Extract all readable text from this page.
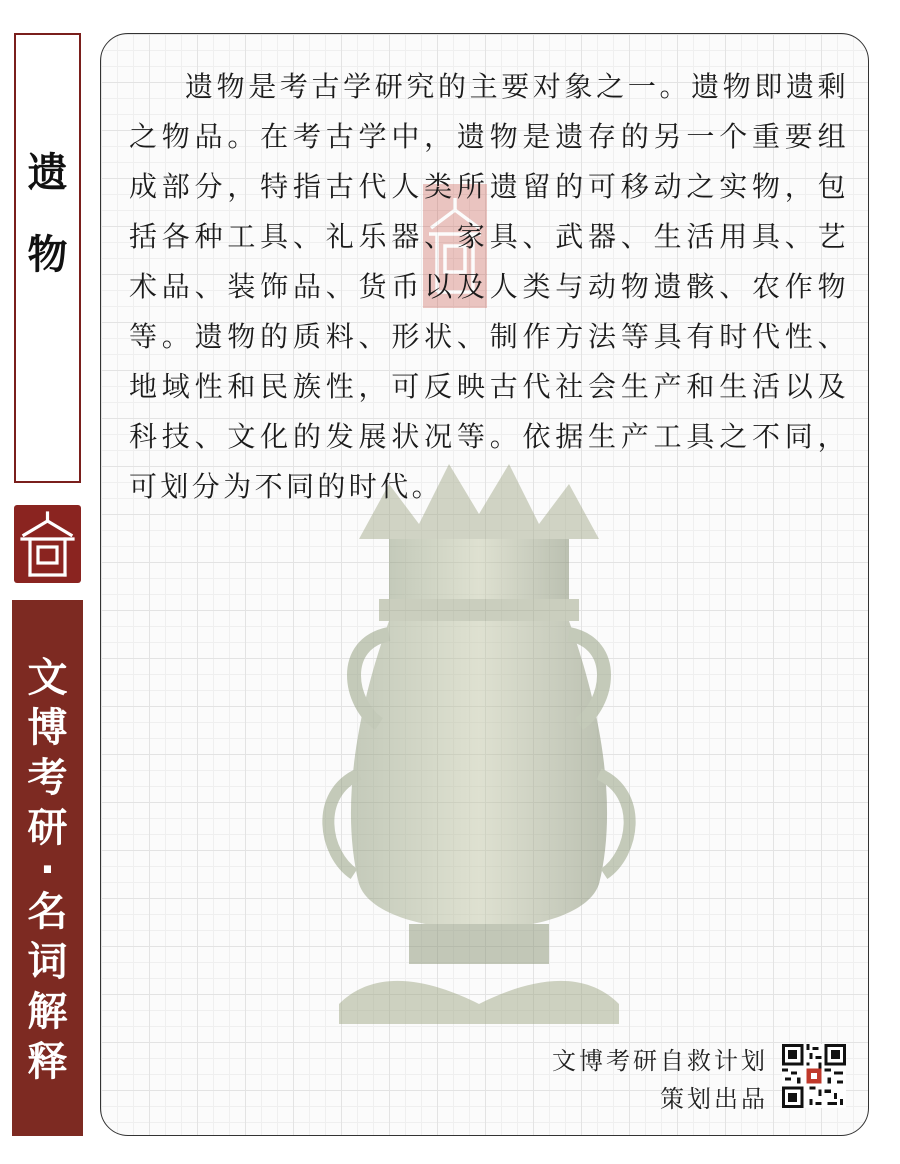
遗
物
文
博
考
研
·
名
词
解
释

遗物是考古学研究的主要对象之一。遗物即遗剩之物品。在考古学中，遗物是遗存的另一个重要组成部分，特指古代人类所遗留的可移动之实物，包括各种工具、礼乐器、家具、武器、生活用具、艺术品、装饰品、货币以及人类与动物遗骸、农作物等。遗物的质料、形状、制作方法等具有时代性、地域性和民族性，可反映古代社会生产和生活以及科技、文化的发展状况等。依据生产工具之不同，可划分为不同的时代。

文博考研自救计划
策划出品
